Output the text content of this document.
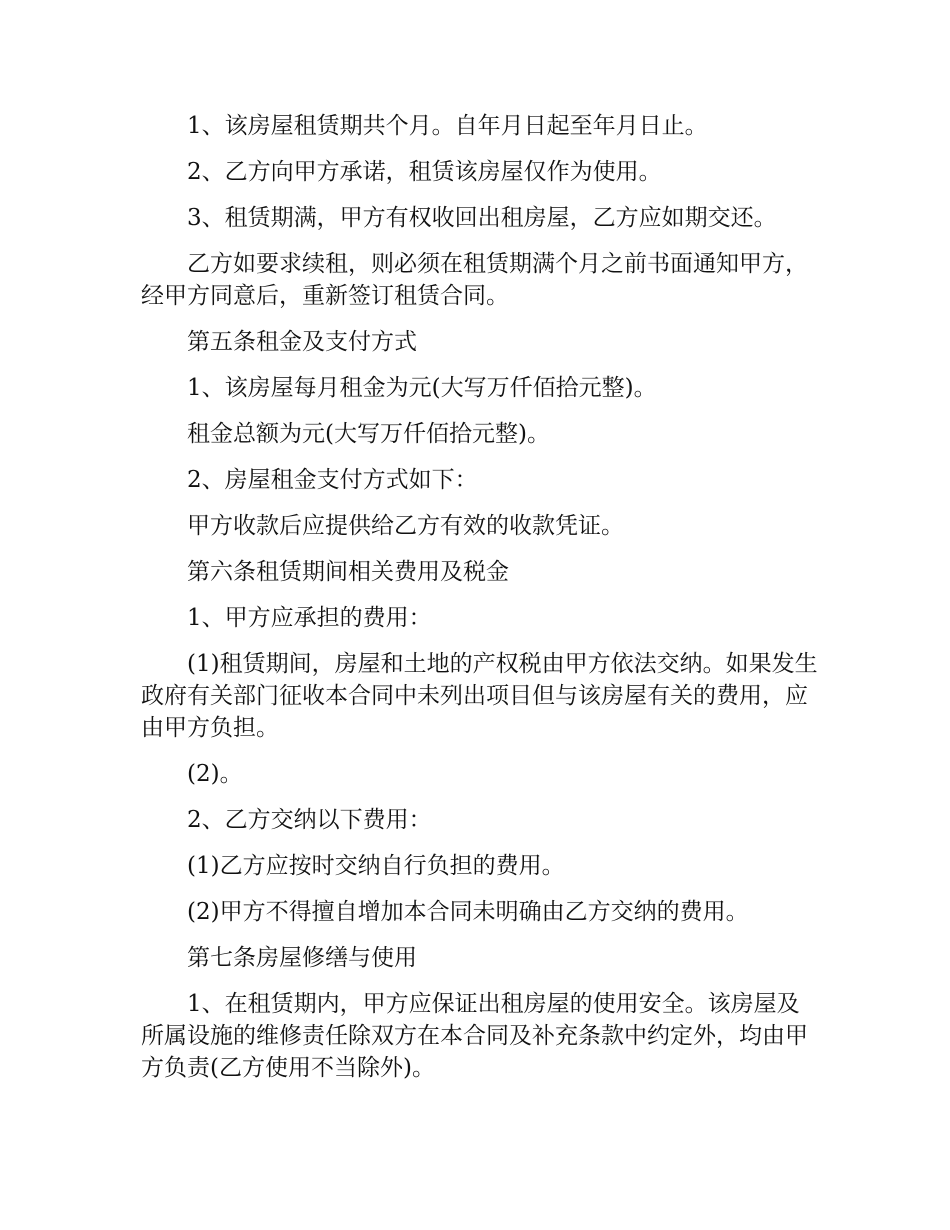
1、该房屋租赁期共个月。自年月日起至年月日止。

2、乙方向甲方承诺，租赁该房屋仅作为使用。

3、租赁期满，甲方有权收回出租房屋，乙方应如期交还。

乙方如要求续租，则必须在租赁期满个月之前书面通知甲方，经甲方同意后，重新签订租赁合同。

第五条租金及支付方式

1、该房屋每月租金为元(大写万仟佰拾元整)。

租金总额为元(大写万仟佰拾元整)。

2、房屋租金支付方式如下：

甲方收款后应提供给乙方有效的收款凭证。

第六条租赁期间相关费用及税金

1、甲方应承担的费用：

(1)租赁期间，房屋和土地的产权税由甲方依法交纳。如果发生政府有关部门征收本合同中未列出项目但与该房屋有关的费用，应由甲方负担。

(2)。

2、乙方交纳以下费用：

(1)乙方应按时交纳自行负担的费用。

(2)甲方不得擅自增加本合同未明确由乙方交纳的费用。

第七条房屋修缮与使用

1、在租赁期内，甲方应保证出租房屋的使用安全。该房屋及所属设施的维修责任除双方在本合同及补充条款中约定外，均由甲方负责(乙方使用不当除外)。
